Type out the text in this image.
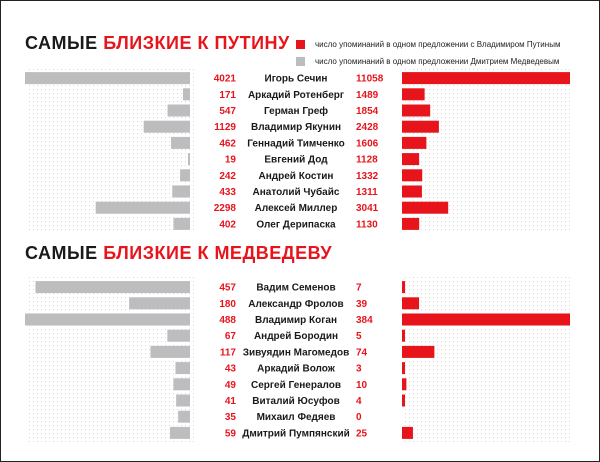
САМЫЕ БЛИЗКИЕ К ПУТИНУ	число упоминаний в одном предложении с Владимиром Путиным
число упоминаний в одном предложении Дмитрием Медведевым
САМЫЕ БЛИЗКИЕ К МЕДВЕДЕВУ
4021	Игорь Сечин	11058
171 Аркадий Ротенберг 1489
547	Герман Греф	1854
1129 Владимир Якунин 2428
462 Геннадий Тимченко 1606
19	Евгений Дод	1128
242 Андрей Костин 1332
433 Анатолий Чубайс 1311
2298 Алексей Миллер 3041
402 Олег Дерипаска 1130
457 Вадим Семенов 7
180 Александр Фролов 39
488 Владимир Коган 384
67 Андрей Бородин 5
117 Зивуядин Магомедов 74
43 Аркадий Волож 3
49 Сергей Генералов 10
41 Виталий Юсуфов 4
35 Михаил Федяев 0
59 Дмитрий Пумпянский 25
